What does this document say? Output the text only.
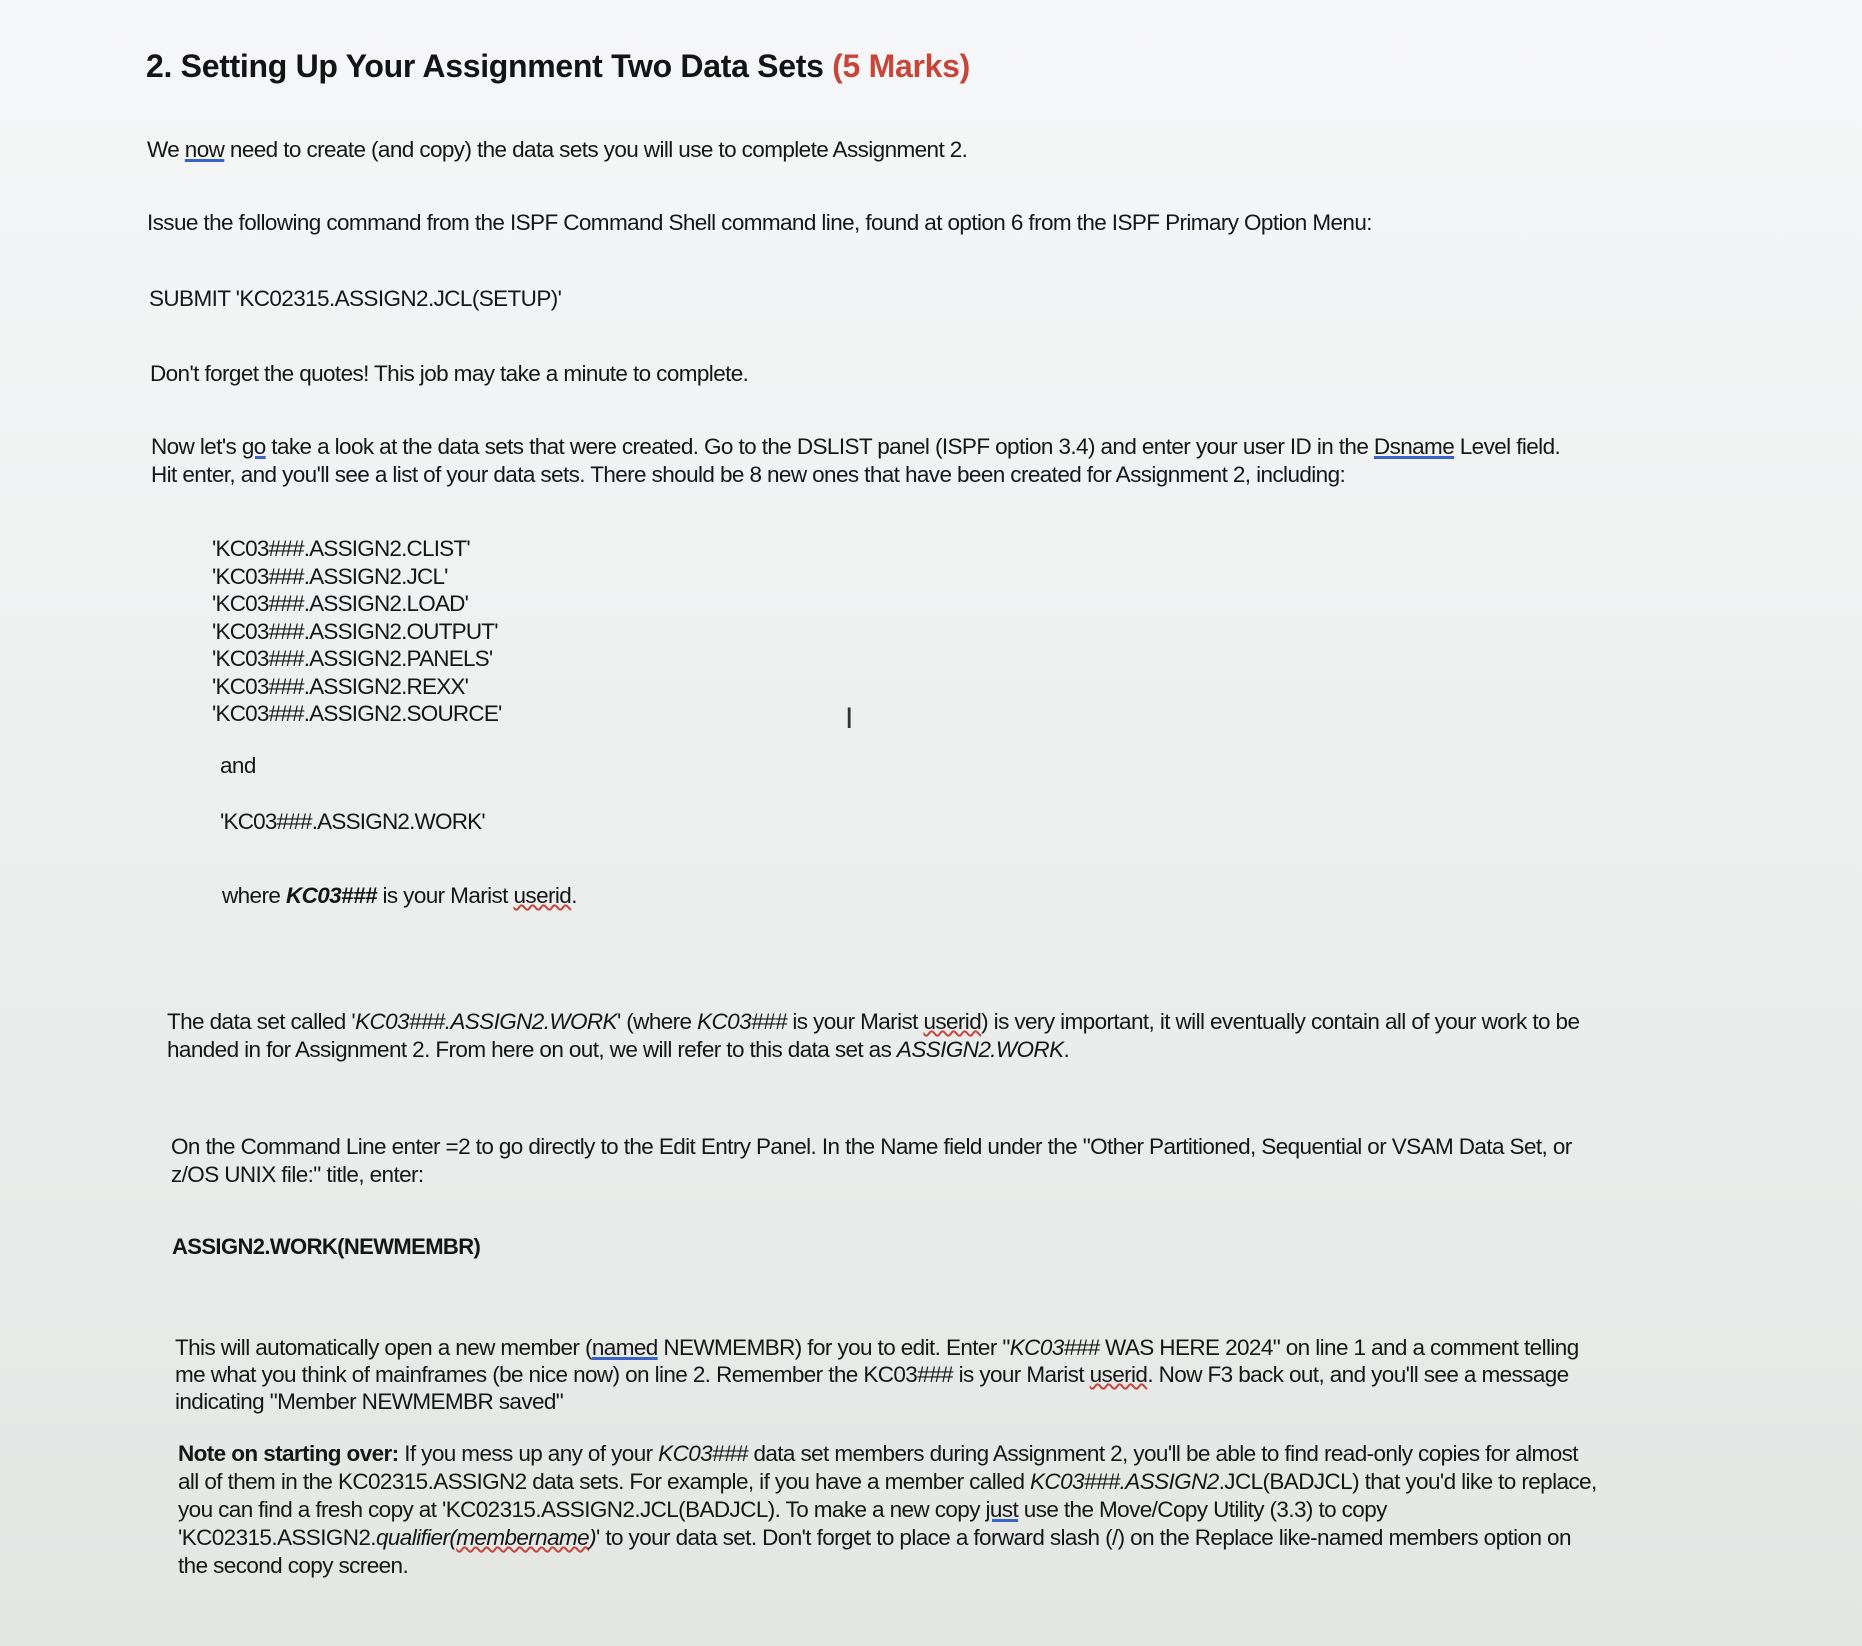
2. Setting Up Your Assignment Two Data Sets (5 Marks)
We now need to create (and copy) the data sets you will use to complete Assignment 2.
Issue the following command from the ISPF Command Shell command line, found at option 6 from the ISPF Primary Option Menu:
SUBMIT 'KC02315.ASSIGN2.JCL(SETUP)'
Don't forget the quotes! This job may take a minute to complete.
Now let's go take a look at the data sets that were created. Go to the DSLIST panel (ISPF option 3.4) and enter your user ID in the Dsname Level field.
Hit enter, and you'll see a list of your data sets. There should be 8 new ones that have been created for Assignment 2, including:
'KC03###.ASSIGN2.CLIST'
'KC03###.ASSIGN2.JCL'
'KC03###.ASSIGN2.LOAD'
'KC03###.ASSIGN2.OUTPUT'
'KC03###.ASSIGN2.PANELS'
'KC03###.ASSIGN2.REXX'
'KC03###.ASSIGN2.SOURCE'	I
and
'KC03###.ASSIGN2.WORK'
where KC03### is your Marist userid.
The data set called 'KC03###.ASSIGN2.WORK' (where KC03### is your Marist userid) is very important, it will eventually contain all of your work to be
handed in for Assignment 2. From here on out, we will refer to this data set as ASSIGN2.WORK.
On the Command Line enter =2 to go directly to the Edit Entry Panel. In the Name field under the "Other Partitioned, Sequential or VSAM Data Set, or
z/OS UNIX file:" title, enter:
ASSIGN2.WORK(NEWMEMBR)
This will automatically open a new member (named NEWMEMBR) for you to edit. Enter "KC03### WAS HERE 2024" on line 1 and a comment telling
me what you think of mainframes (be nice now) on line 2. Remember the KC03### is your Marist userid. Now F3 back out, and you'll see a message
indicating "Member NEWMEMBR saved"
Note on starting over: If you mess up any of your KC03### data set members during Assignment 2, you'll be able to find read-only copies for almost
all of them in the KC02315.ASSIGN2 data sets. For example, if you have a member called KC03###.ASSIGN2.JCL(BADJCL) that you'd like to replace,
you can find a fresh copy at 'KC02315.ASSIGN2.JCL(BADJCL). To make a new copy just use the Move/Copy Utility (3.3) to copy
'KC02315.ASSIGN2.qualifier(membername)' to your data set. Don't forget to place a forward slash (/) on the Replace like-named members option on
the second copy screen.
